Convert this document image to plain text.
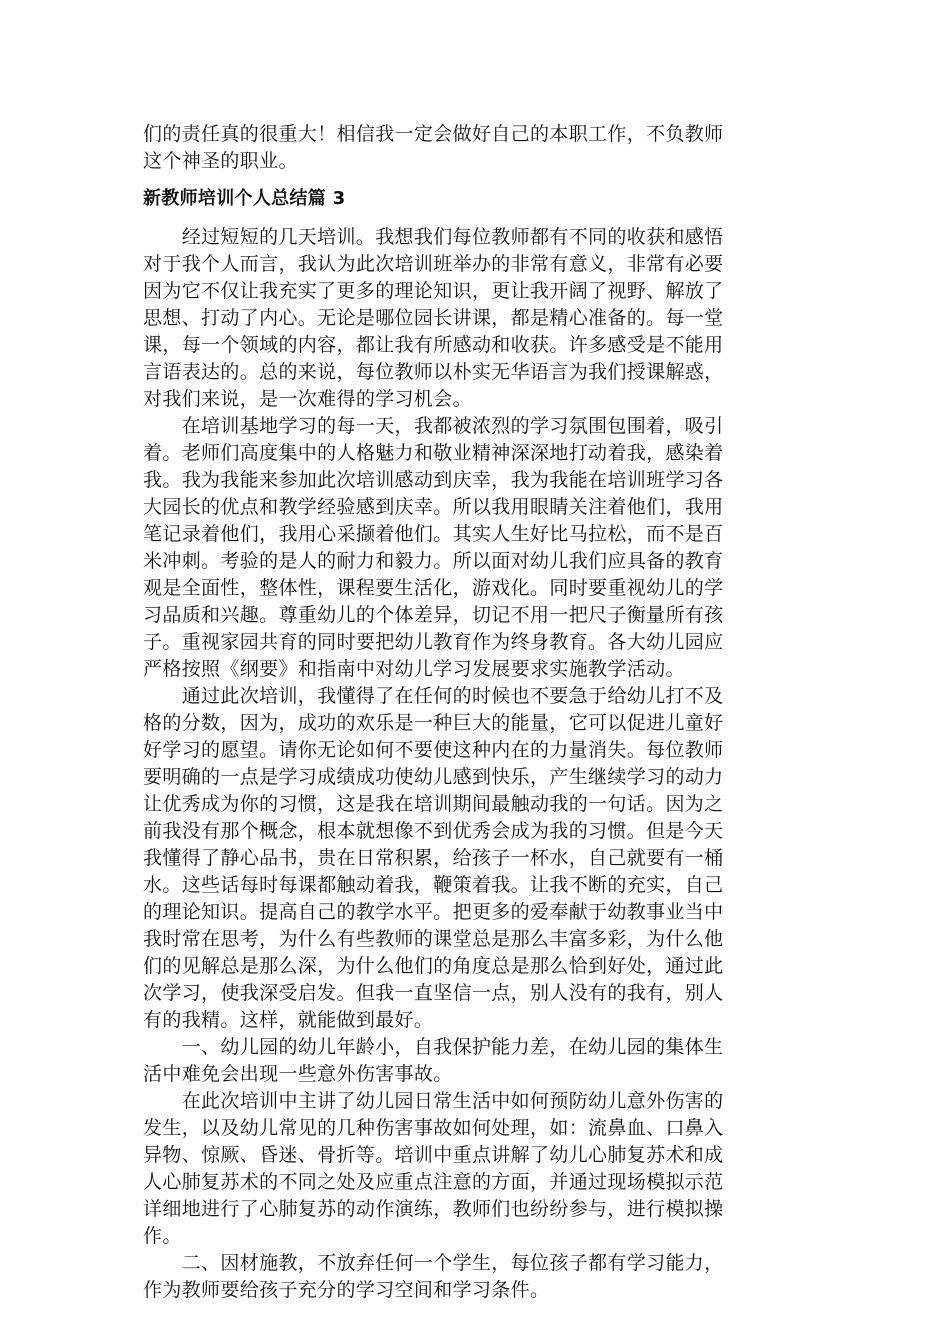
们的责任真的很重大！相信我一定会做好自己的本职工作，不负教师
这个神圣的职业。
新教师培训个人总结篇 3
　　经过短短的几天培训。我想我们每位教师都有不同的收获和感悟
对于我个人而言，我认为此次培训班举办的非常有意义，非常有必要
因为它不仅让我充实了更多的理论知识，更让我开阔了视野、解放了
思想、打动了内心。无论是哪位园长讲课，都是精心准备的。每一堂
课，每一个领域的内容，都让我有所感动和收获。许多感受是不能用
言语表达的。总的来说，每位教师以朴实无华语言为我们授课解惑，
对我们来说，是一次难得的学习机会。
　　在培训基地学习的每一天，我都被浓烈的学习氛围包围着，吸引
着。老师们高度集中的人格魅力和敬业精神深深地打动着我，感染着
我。我为我能来参加此次培训感动到庆幸，我为我能在培训班学习各
大园长的优点和教学经验感到庆幸。所以我用眼睛关注着他们，我用
笔记录着他们，我用心采撷着他们。其实人生好比马拉松，而不是百
米冲刺。考验的是人的耐力和毅力。所以面对幼儿我们应具备的教育
观是全面性，整体性，课程要生活化，游戏化。同时要重视幼儿的学
习品质和兴趣。尊重幼儿的个体差异，切记不用一把尺子衡量所有孩
子。重视家园共育的同时要把幼儿教育作为终身教育。各大幼儿园应
严格按照《纲要》和指南中对幼儿学习发展要求实施教学活动。
　　通过此次培训，我懂得了在任何的时候也不要急于给幼儿打不及
格的分数，因为，成功的欢乐是一种巨大的能量，它可以促进儿童好
好学习的愿望。请你无论如何不要使这种内在的力量消失。每位教师
要明确的一点是学习成绩成功使幼儿感到快乐，产生继续学习的动力
让优秀成为你的习惯，这是我在培训期间最触动我的一句话。因为之
前我没有那个概念，根本就想像不到优秀会成为我的习惯。但是今天
我懂得了静心品书，贵在日常积累，给孩子一杯水，自己就要有一桶
水。这些话每时每课都触动着我，鞭策着我。让我不断的充实，自己
的理论知识。提高自己的教学水平。把更多的爱奉献于幼教事业当中
我时常在思考，为什么有些教师的课堂总是那么丰富多彩，为什么他
们的见解总是那么深，为什么他们的角度总是那么恰到好处，通过此
次学习，使我深受启发。但我一直坚信一点，别人没有的我有，别人
有的我精。这样，就能做到最好。
　　一、幼儿园的幼儿年龄小，自我保护能力差，在幼儿园的集体生
活中难免会出现一些意外伤害事故。
　　在此次培训中主讲了幼儿园日常生活中如何预防幼儿意外伤害的
发生，以及幼儿常见的几种伤害事故如何处理，如：流鼻血、口鼻入
异物、惊厥、昏迷、骨折等。培训中重点讲解了幼儿心肺复苏术和成
人心肺复苏术的不同之处及应重点注意的方面，并通过现场模拟示范
详细地进行了心肺复苏的动作演练，教师们也纷纷参与，进行模拟操
作。
　　二、因材施教，不放弃任何一个学生，每位孩子都有学习能力，
作为教师要给孩子充分的学习空间和学习条件。
